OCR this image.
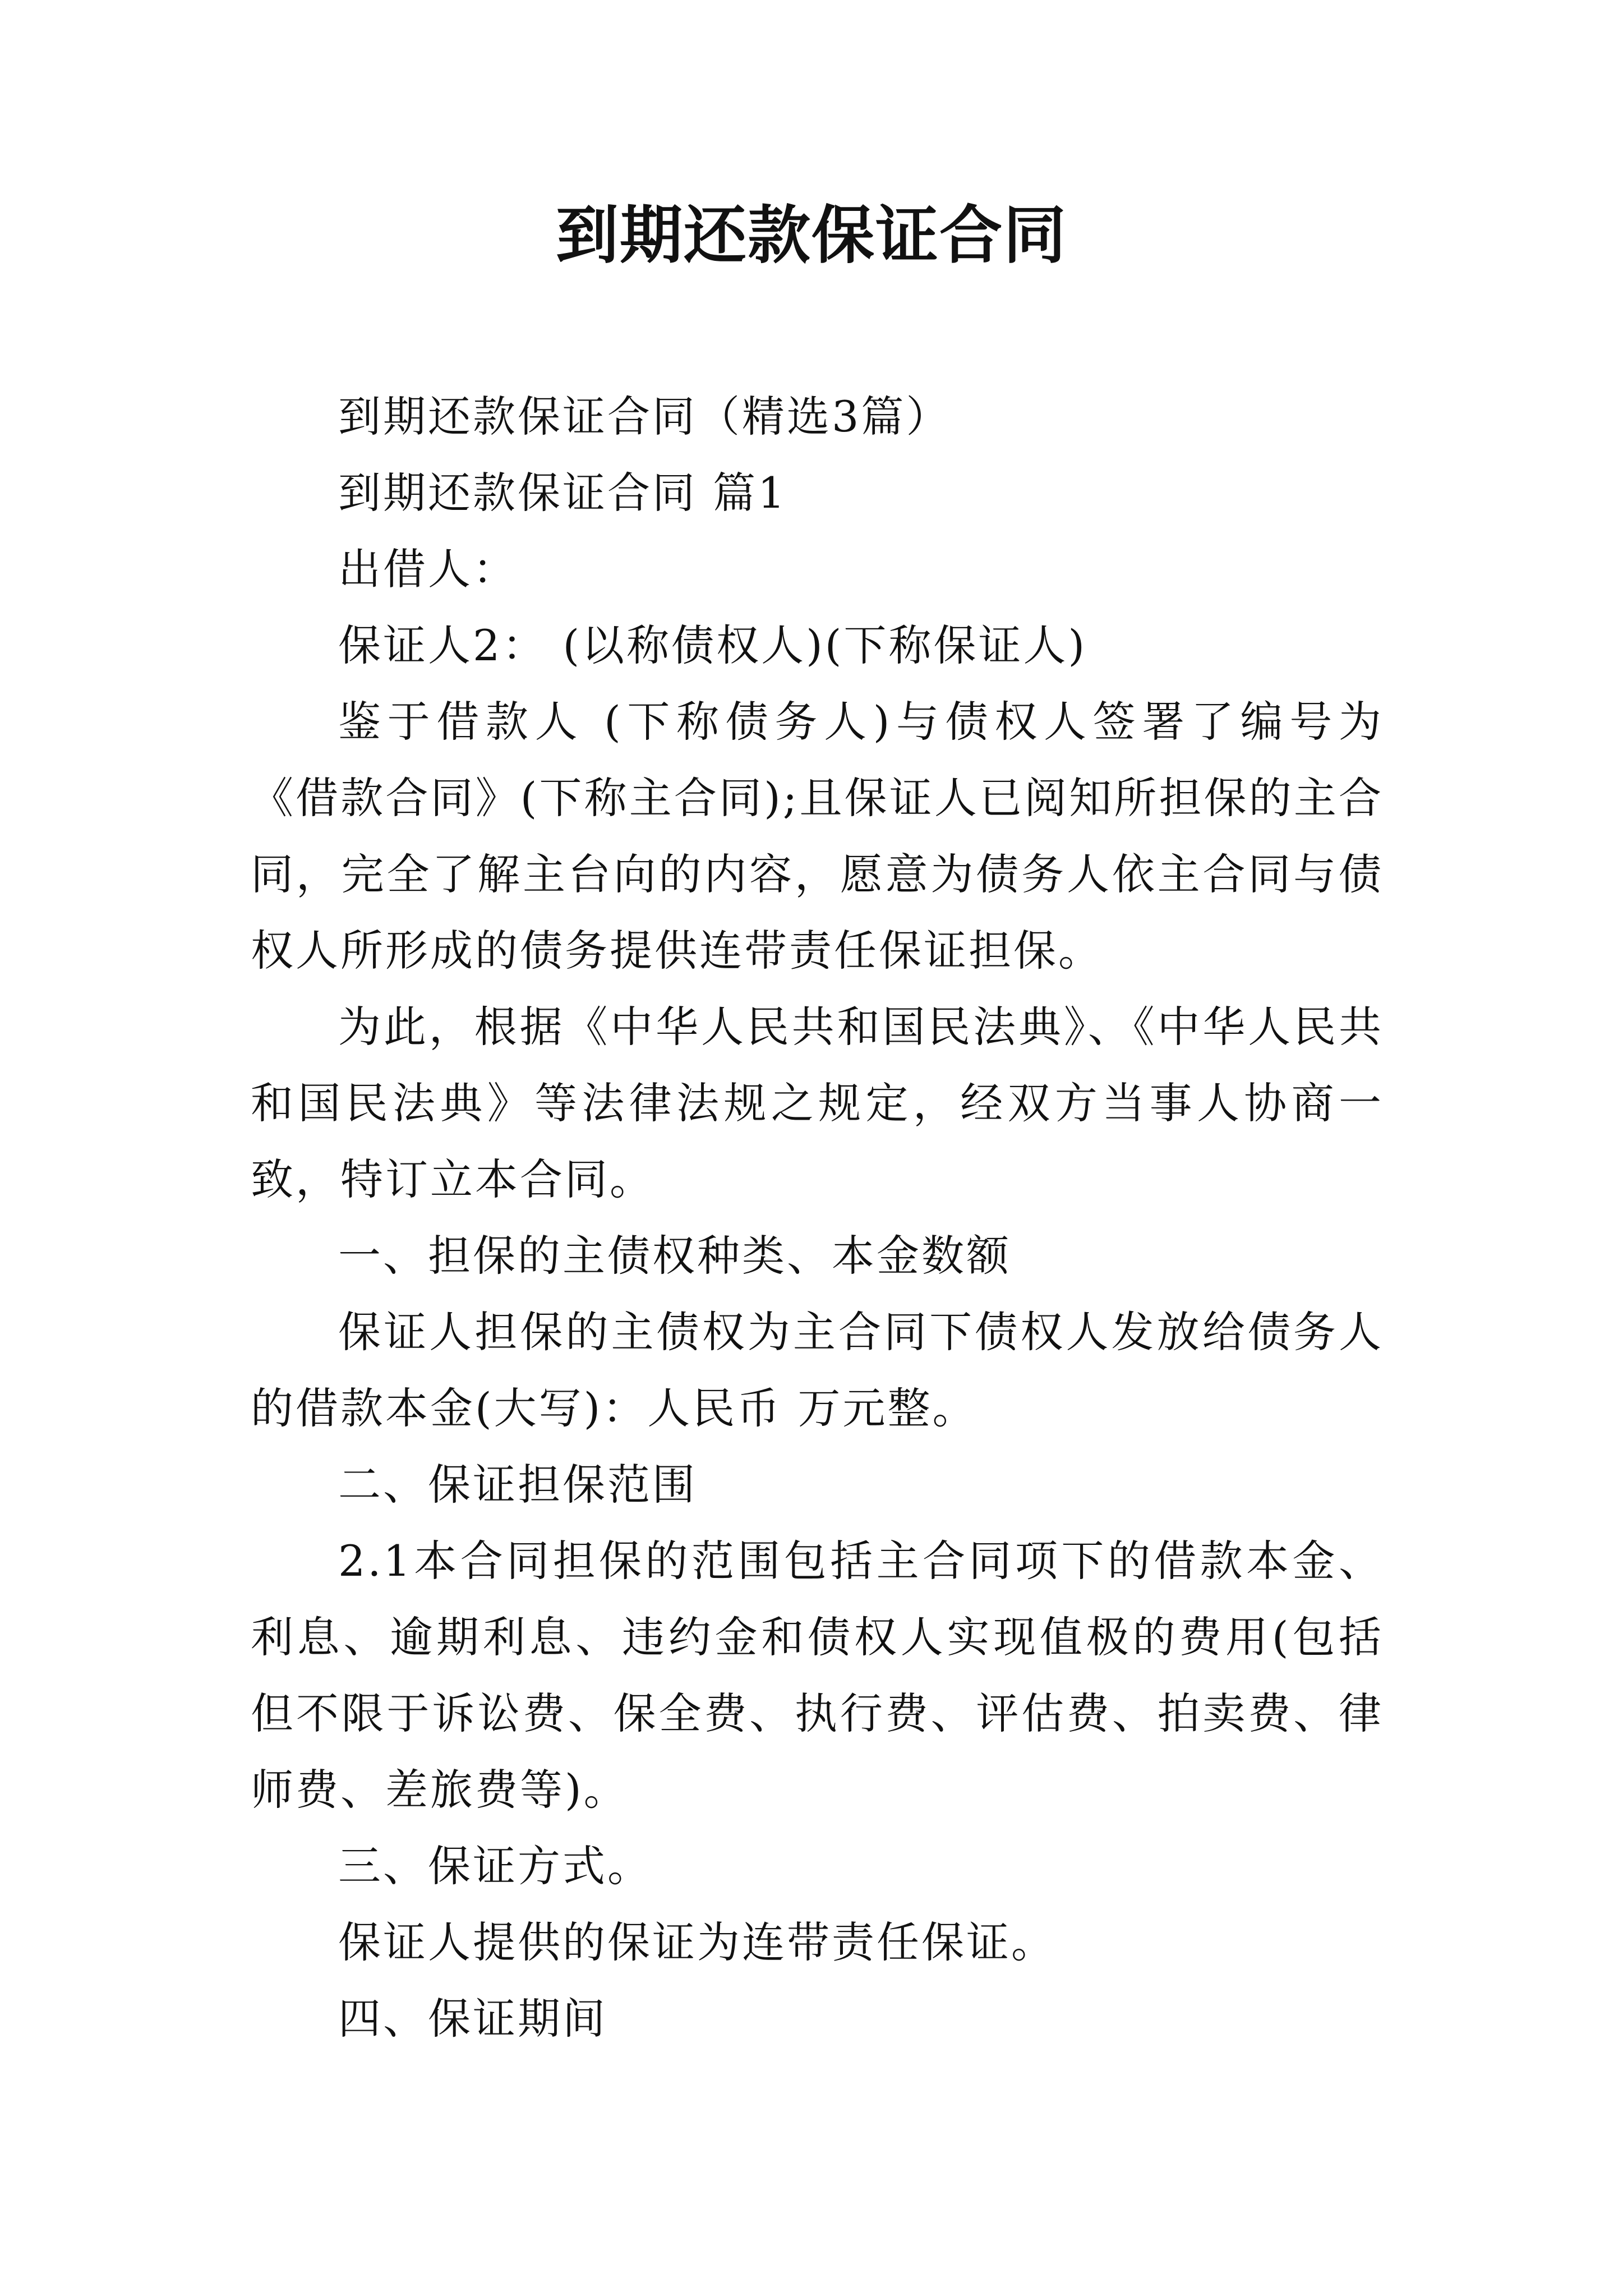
到期还款保证合同

到期还款保证合同（精选3篇）

到期还款保证合同 篇1

出借人：

保证人2： (以称债权人)(下称保证人)

鉴于借款人 (下称债务人)与债权人签署了编号为 《借款合同》(下称主合同);且保证人已阅知所担保的主合同，完全了解主台向的内容，愿意为债务人依主合同与债权人所形成的债务提供连带责任保证担保。

为此，根据《中华人民共和国民法典》、《中华人民共和国民法典》等法律法规之规定，经双方当事人协商一致，特订立本合同。

一、担保的主债权种类、本金数额

保证人担保的主债权为主合同下债权人发放给债务人的借款本金(大写)：人民币 万元整。

二、保证担保范围

2.1本合同担保的范围包括主合同项下的借款本金、利息、逾期利息、违约金和债权人实现值极的费用(包括但不限于诉讼费、保全费、执行费、评估费、拍卖费、律师费、差旅费等)。

三、保证方式。

保证人提供的保证为连带责任保证。

四、保证期间
